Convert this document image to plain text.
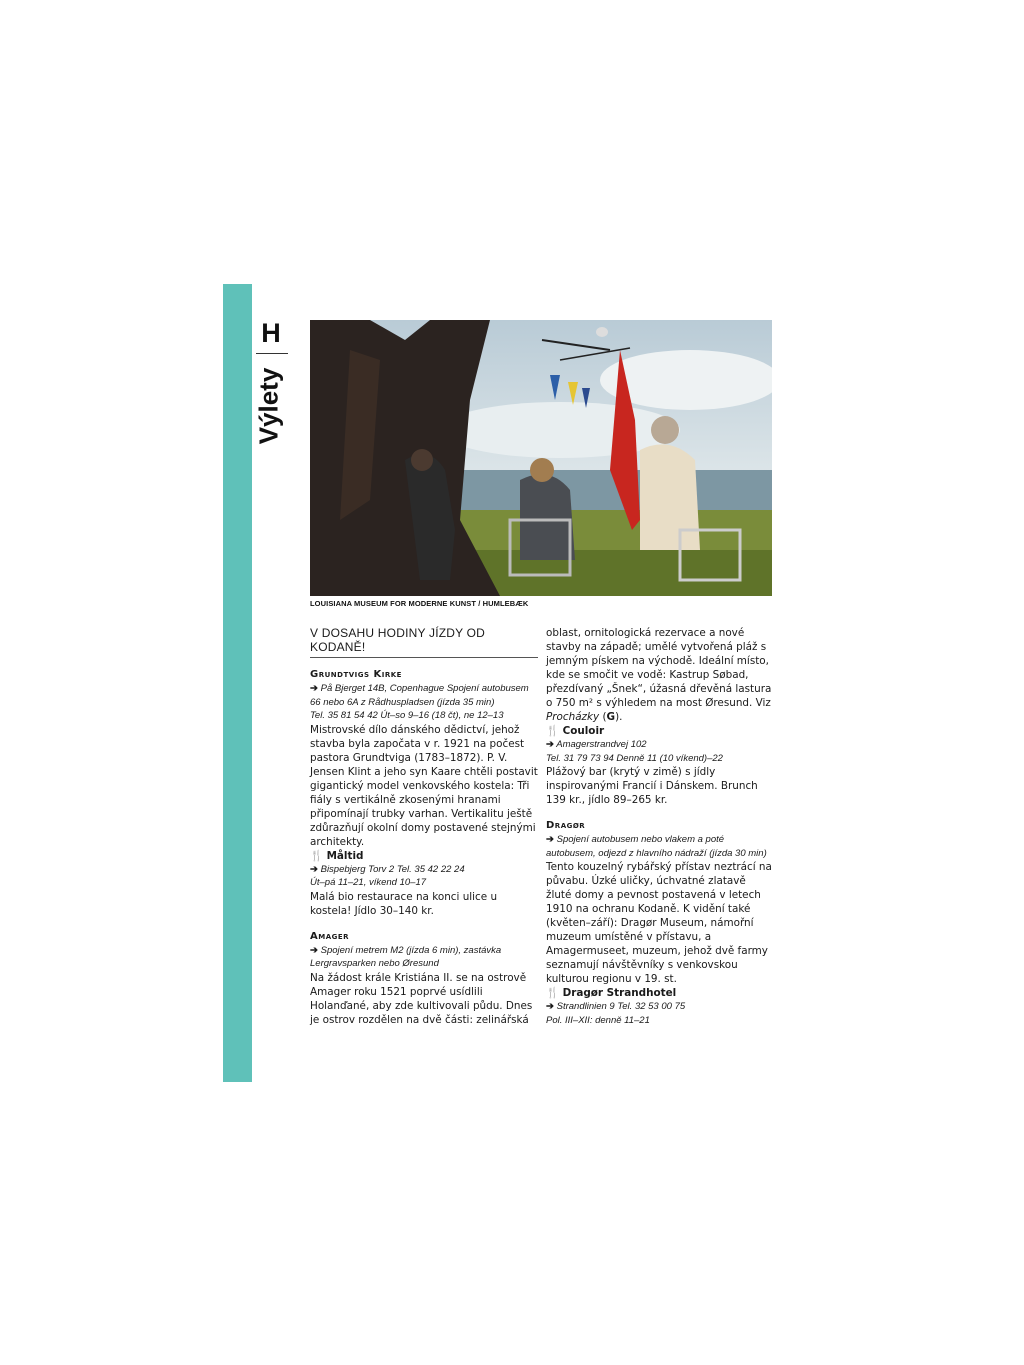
H
Výlety
LOUISIANA MUSEUM FOR MODERNE KUNST / HUMLEBÆK
V DOSAHU HODINY JÍZDY OD KODANĚ!
Grundtvigs Kirke

➔ På Bjerget 14B, Copenhague Spojení autobusem 66 nebo 6A z Rådhuspladsen (jízda 35 min)

Tel. 35 81 54 42 Út–so 9–16 (18 čt), ne 12–13

Mistrovské dílo dánského dědictví, jehož stavba byla započata v r. 1921 na počest pastora Grundtviga (1783–1872). P. V. Jensen Klint a jeho syn Kaare chtěli postavit gigantický model venkovského kostela: Tři fiály s vertikálně zkosenými hranami připomínají trubky varhan. Vertikalitu ještě zdůrazňují okolní domy postavené stejnými architekty.

🍴 Måltid

➔ Bispebjerg Torv 2 Tel. 35 42 22 24

Út–pá 11–21, víkend 10–17

Malá bio restaurace na konci ulice u kostela! Jídlo 30–140 kr.

Amager

➔ Spojení metrem M2 (jízda 6 min), zastávka Lergravsparken nebo Øresund

Na žádost krále Kristiána II. se na ostrově Amager roku 1521 poprvé usídlili Holanďané, aby zde kultivovali půdu. Dnes je ostrov rozdělen na dvě části: zelinářská

oblast, ornitologická rezervace a nové stavby na západě; umělé vytvořená pláž s jemným pískem na východě. Ideální místo, kde se smočit ve vodě: Kastrup Søbad, přezdívaný „Šnek“, úžasná dřevěná lastura o 750 m² s výhledem na most Øresund. Viz Procházky (G).

🍴 Couloir

➔ Amagerstrandvej 102

Tel. 31 79 73 94 Denně 11 (10 víkend)–22

Plážový bar (krytý v zimě) s jídly inspirovanými Francií i Dánskem. Brunch 139 kr., jídlo 89–265 kr.

Dragør

➔ Spojení autobusem nebo vlakem a poté autobusem, odjezd z hlavního nádraží (jízda 30 min)

Tento kouzelný rybářský přístav neztrácí na půvabu. Úzké uličky, úchvatné zlatavě žluté domy a pevnost postavená v letech 1910 na ochranu Kodaně. K vidění také (květen–září): Dragør Museum, námořní muzeum umístěné v přístavu, a Amagermuseet, muzeum, jehož dvě farmy seznamují návštěvníky s venkovskou kulturou regionu v 19. st.

🍴 Dragør Strandhotel

➔ Strandlinien 9 Tel. 32 53 00 75

Pol. III–XII: denně 11–21
